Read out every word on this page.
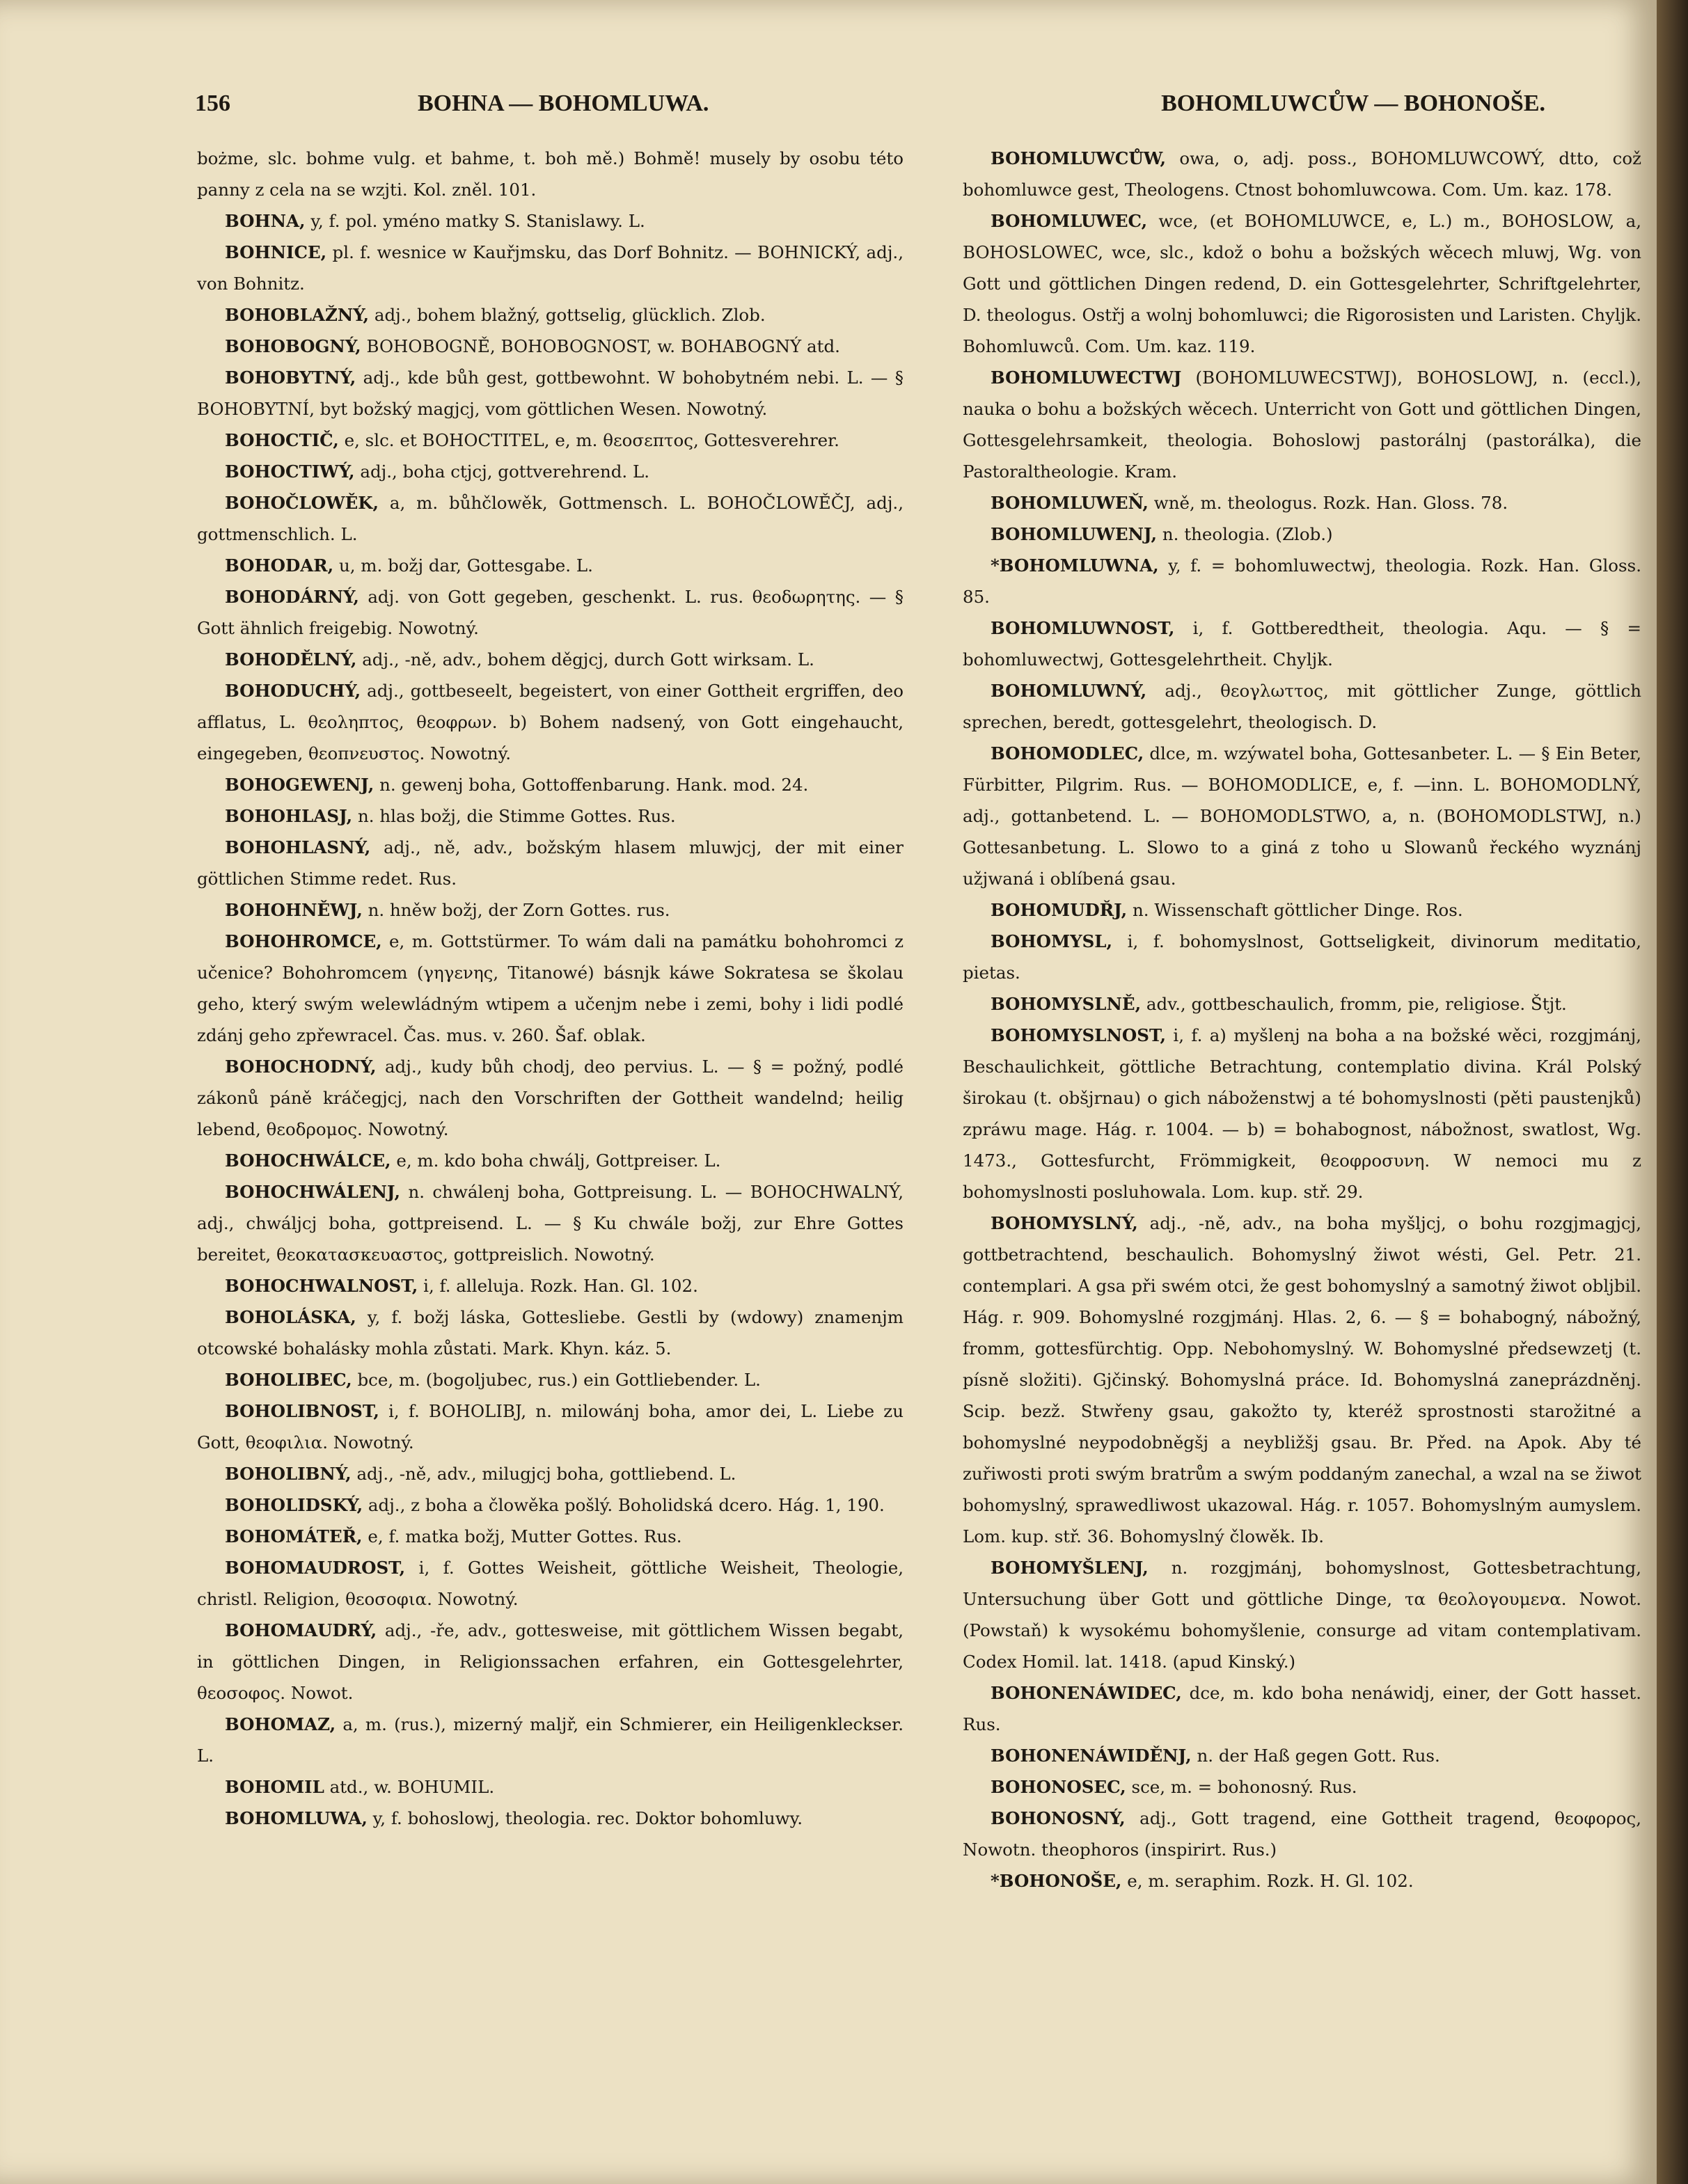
156	BOHNA — BOHOMLUWA.	BOHOMLUWCŮW — BOHONOŠE.

bożme, slc. bohme vulg. et bahme, t. boh mě.) Bohmě! musely by osobu této panny z cela na se wzjti. Kol. zněl. 101.

BOHNA, y, f. pol. yméno matky S. Stanislawy. L.

BOHNICE, pl. f. wesnice w Kauřjmsku, das Dorf Bohnitz. — BOHNICKÝ, adj., von Bohnitz.

BOHOBLAŽNÝ, adj., bohem blažný, gottselig, glücklich. Zlob.

BOHOBOGNÝ, BOHOBOGNĚ, BOHOBOGNOST, w. BOHABOGNÝ atd.

BOHOBYTNÝ, adj., kde bůh gest, gottbewohnt. W bohobytném nebi. L. — § BOHOBYTNÍ, byt božský magjcj, vom göttlichen Wesen. Nowotný.

BOHOCTIČ, e, slc. et BOHOCTITEL, e, m. θεοσεπτος, Gottesverehrer.

BOHOCTIWÝ, adj., boha ctjcj, gottverehrend. L.

BOHOČLOWĚK, a, m. bůhčlowěk, Gottmensch. L. BOHOČLOWĚČJ, adj., gottmenschlich. L.

BOHODAR, u, m. božj dar, Gottesgabe. L.

BOHODÁRNÝ, adj. von Gott gegeben, geschenkt. L. rus. θεοδωρητης. — § Gott ähnlich freigebig. Nowotný.

BOHODĚLNÝ, adj., -ně, adv., bohem děgjcj, durch Gott wirksam. L.

BOHODUCHÝ, adj., gottbeseelt, begeistert, von einer Gottheit ergriffen, deo afflatus, L. θεοληπτος, θεοφρων. b) Bohem nadsený, von Gott eingehaucht, eingegeben, θεοπνευστος. Nowotný.

BOHOGEWENJ, n. gewenj boha, Gottoffenbarung. Hank. mod. 24.

BOHOHLASJ, n. hlas božj, die Stimme Gottes. Rus.

BOHOHLASNÝ, adj., ně, adv., božským hlasem mluwjcj, der mit einer göttlichen Stimme redet. Rus.

BOHOHNĚWJ, n. hněw božj, der Zorn Gottes. rus.

BOHOHROMCE, e, m. Gottstürmer. To wám dali na památku bohohromci z učenice? Bohohromcem (γηγενης, Titanowé) básnjk káwe Sokratesa se školau geho, který swým welewládným wtipem a učenjm nebe i zemi, bohy i lidi podlé zdánj geho zpřewracel. Čas. mus. v. 260. Šaf. oblak.

BOHOCHODNÝ, adj., kudy bůh chodj, deo pervius. L. — § = požný, podlé zákonů páně kráčegjcj, nach den Vorschriften der Gottheit wandelnd; heilig lebend, θεοδρομος. Nowotný.

BOHOCHWÁLCE, e, m. kdo boha chwálj, Gottpreiser. L.

BOHOCHWÁLENJ, n. chwálenj boha, Gottpreisung. L. — BOHOCHWALNÝ, adj., chwáljcj boha, gottpreisend. L. — § Ku chwále božj, zur Ehre Gottes bereitet, θεοκατασκευαστος, gottpreislich. Nowotný.

BOHOCHWALNOST, i, f. alleluja. Rozk. Han. Gl. 102.

BOHOLÁSKA, y, f. božj láska, Gottesliebe. Gestli by (wdowy) znamenjm otcowské bohalásky mohla zůstati. Mark. Khyn. káz. 5.

BOHOLIBEC, bce, m. (bogoljubec, rus.) ein Gottliebender. L.

BOHOLIBNOST, i, f. BOHOLIBJ, n. milowánj boha, amor dei, L. Liebe zu Gott, θεοφιλια. Nowotný.

BOHOLIBNÝ, adj., -ně, adv., milugjcj boha, gottliebend. L.

BOHOLIDSKÝ, adj., z boha a člowěka pošlý. Boholidská dcero. Hág. 1, 190.

BOHOMÁTEŘ, e, f. matka božj, Mutter Gottes. Rus.

BOHOMAUDROST, i, f. Gottes Weisheit, göttliche Weisheit, Theologie, christl. Religion, θεοσοφια. Nowotný.

BOHOMAUDRÝ, adj., -ře, adv., gottesweise, mit göttlichem Wissen begabt, in göttlichen Dingen, in Religionssachen erfahren, ein Gottesgelehrter, θεοσοφος. Nowot.

BOHOMAZ, a, m. (rus.), mizerný maljř, ein Schmierer, ein Heiligenkleckser. L.

BOHOMIL atd., w. BOHUMIL.

BOHOMLUWA, y, f. bohoslowj, theologia. rec. Doktor bohomluwy.

BOHOMLUWCŮW, owa, o, adj. poss., BOHOMLUWCOWÝ, dtto, což bohomluwce gest, Theologens. Ctnost bohomluwcowa. Com. Um. kaz. 178.

BOHOMLUWEC, wce, (et BOHOMLUWCE, e, L.) m., BOHOSLOW, a, BOHOSLOWEC, wce, slc., kdož o bohu a božských wěcech mluwj, Wg. von Gott und göttlichen Dingen redend, D. ein Gottesgelehrter, Schriftgelehrter, D. theologus. Ostřj a wolnj bohomluwci; die Rigorosisten und Laristen. Chyljk. Bohomluwců. Com. Um. kaz. 119.

BOHOMLUWECTWJ (BOHOMLUWECSTWJ), BOHOSLOWJ, n. (eccl.), nauka o bohu a božských wěcech. Unterricht von Gott und göttlichen Dingen, Gottesgelehrsamkeit, theologia. Bohoslowj pastorálnj (pastorálka), die Pastoraltheologie. Kram.

BOHOMLUWEŇ, wně, m. theologus. Rozk. Han. Gloss. 78.

BOHOMLUWENJ, n. theologia. (Zlob.)

*BOHOMLUWNA, y, f. = bohomluwectwj, theologia. Rozk. Han. Gloss. 85.

BOHOMLUWNOST, i, f. Gottberedtheit, theologia. Aqu. — § = bohomluwectwj, Gottesgelehrtheit. Chyljk.

BOHOMLUWNÝ, adj., θεογλωττος, mit göttlicher Zunge, göttlich sprechen, beredt, gottesgelehrt, theologisch. D.

BOHOMODLEC, dlce, m. wzýwatel boha, Gottesanbeter. L. — § Ein Beter, Fürbitter, Pilgrim. Rus. — BOHOMODLICE, e, f. —inn. L. BOHOMODLNÝ, adj., gottanbetend. L. — BOHOMODLSTWO, a, n. (BOHOMODLSTWJ, n.) Gottesanbetung. L. Slowo to a giná z toho u Slowanů řeckého wyznánj užjwaná i oblíbená gsau.

BOHOMUDŘJ, n. Wissenschaft göttlicher Dinge. Ros.

BOHOMYSL, i, f. bohomyslnost, Gottseligkeit, divinorum meditatio, pietas.

BOHOMYSLNĚ, adv., gottbeschaulich, fromm, pie, religiose. Štjt.

BOHOMYSLNOST, i, f. a) myšlenj na boha a na božské wěci, rozgjmánj, Beschaulichkeit, göttliche Betrachtung, contemplatio divina. Král Polský širokau (t. obšjrnau) o gich náboženstwj a té bohomyslnosti (pěti paustenjků) zpráwu mage. Hág. r. 1004. — b) = bohabognost, nábožnost, swatlost, Wg. 1473., Gottesfurcht, Frömmigkeit, θεοφροσυνη. W nemoci mu z bohomyslnosti posluhowala. Lom. kup. stř. 29.

BOHOMYSLNÝ, adj., -ně, adv., na boha myšljcj, o bohu rozgjmagjcj, gottbetrachtend, beschaulich. Bohomyslný žiwot wésti, Gel. Petr. 21. contemplari. A gsa při swém otci, že gest bohomyslný a samotný žiwot oblјbil. Hág. r. 909. Bohomyslné rozgjmánj. Hlas. 2, 6. — § = bohabogný, nábožný, fromm, gottesfürchtig. Opp. Nebohomyslný. W. Bohomyslné předsewzetj (t. písně složiti). Gjčinský. Bohomyslná práce. Id. Bohomyslná zaneprázdněnj. Scip. bezž. Stwřeny gsau, gakožto ty, kteréž sprostnosti starožitné a bohomyslné neypodobněgšj a neyblіžšj gsau. Br. Před. na Apok. Aby té zuřiwosti proti swým bratrům a swým poddaným zanechal, a wzal na se žiwot bohomyslný, sprawedliwost ukazowal. Hág. r. 1057. Bohomyslným aumyslem. Lom. kup. stř. 36. Bohomyslný člowěk. Ib.

BOHOMYŠLENJ, n. rozgjmánj, bohomyslnost, Gottesbetrachtung, Untersuchung über Gott und göttliche Dinge, τα θεολογουμενα. Nowot. (Powstaň) k wysokému bohomyšlenie, consurge ad vitam contemplativam. Codex Homil. lat. 1418. (apud Kinský.)

BOHONENÁWIDEC, dce, m. kdo boha nenáwidj, einer, der Gott hasset. Rus.

BOHONENÁWIDĚNJ, n. der Haß gegen Gott. Rus.

BOHONOSEC, sce, m. = bohonosný. Rus.

BOHONOSNÝ, adj., Gott tragend, eine Gottheit tragend, θεοφορος, Nowotn. theophoros (inspirirt. Rus.)

*BOHONOŠE, e, m. seraphim. Rozk. H. Gl. 102.
